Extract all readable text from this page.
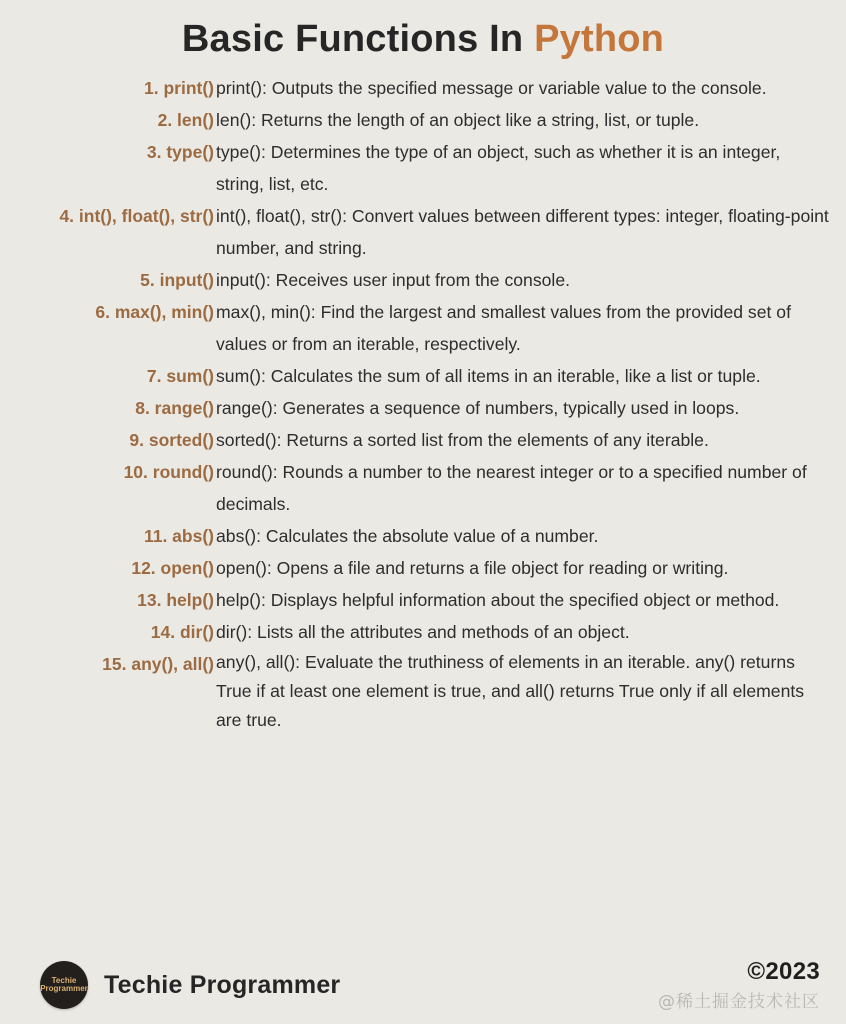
Basic Functions In Python
1. print() print(): Outputs the specified message or variable value to the console.
2. len() len(): Returns the length of an object like a string, list, or tuple.
3. type() type(): Determines the type of an object, such as whether it is an integer, string, list, etc.
4. int(), float(), str() int(), float(), str(): Convert values between different types: integer, floating-point number, and string.
5. input() input(): Receives user input from the console.
6. max(), min() max(), min(): Find the largest and smallest values from the provided set of values or from an iterable, respectively.
7. sum() sum(): Calculates the sum of all items in an iterable, like a list or tuple.
8. range() range(): Generates a sequence of numbers, typically used in loops.
9. sorted() sorted(): Returns a sorted list from the elements of any iterable.
10. round() round(): Rounds a number to the nearest integer or to a specified number of decimals.
11. abs() abs(): Calculates the absolute value of a number.
12. open() open(): Opens a file and returns a file object for reading or writing.
13. help() help(): Displays helpful information about the specified object or method.
14. dir() dir(): Lists all the attributes and methods of an object.
15. any(), all() any(), all(): Evaluate the truthiness of elements in an iterable. any() returns True if at least one element is true, and all() returns True only if all elements are true.
Techie
Programmer Techie Programmer	©2023
@稀土掘金技术社区
